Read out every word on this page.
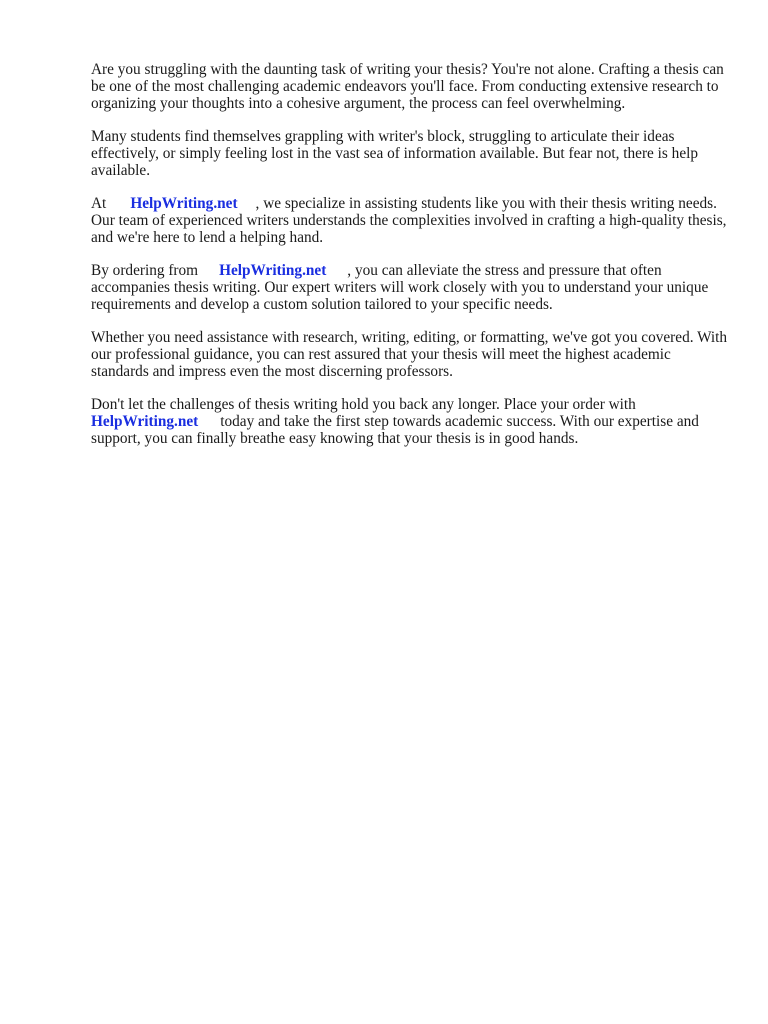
Are you struggling with the daunting task of writing your thesis? You're not alone. Crafting a thesis can be one of the most challenging academic endeavors you'll face. From conducting extensive research to organizing your thoughts into a cohesive argument, the process can feel overwhelming.

Many students find themselves grappling with writer's block, struggling to articulate their ideas effectively, or simply feeling lost in the vast sea of information available. But fear not, there is help available.

At HelpWriting.net , we specialize in assisting students like you with their thesis writing needs. Our team of experienced writers understands the complexities involved in crafting a high-quality thesis, and we're here to lend a helping hand.

By ordering from HelpWriting.net , you can alleviate the stress and pressure that often accompanies thesis writing. Our expert writers will work closely with you to understand your unique requirements and develop a custom solution tailored to your specific needs.

Whether you need assistance with research, writing, editing, or formatting, we've got you covered. With our professional guidance, you can rest assured that your thesis will meet the highest academic standards and impress even the most discerning professors.

Don't let the challenges of thesis writing hold you back any longer. Place your order with HelpWriting.net today and take the first step towards academic success. With our expertise and support, you can finally breathe easy knowing that your thesis is in good hands.
